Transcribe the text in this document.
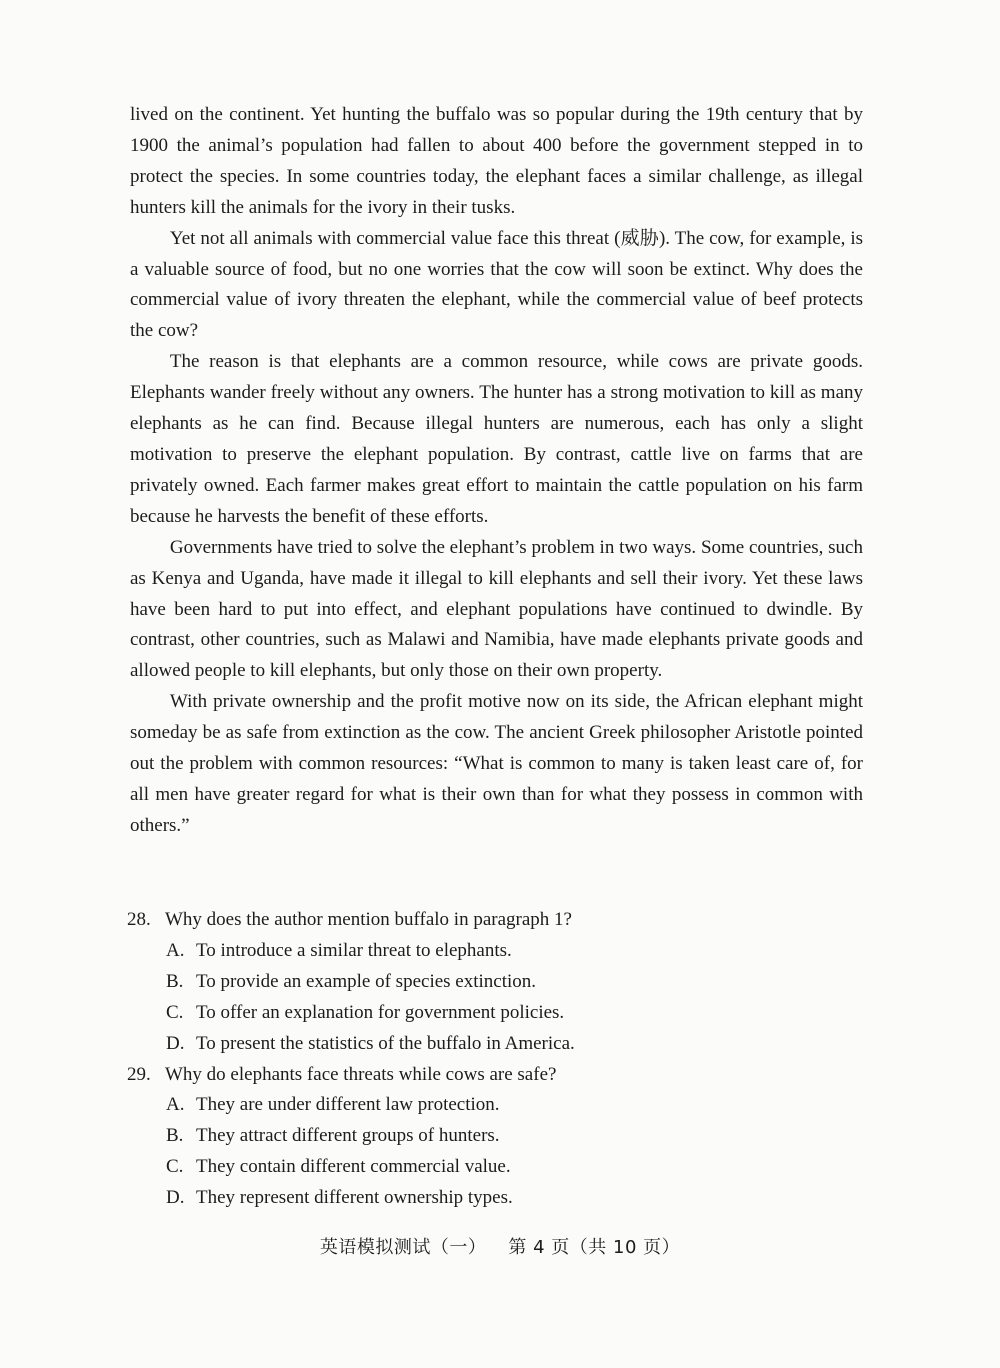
lived on the continent. Yet hunting the buffalo was so popular during the 19th century that by 1900 the animal’s population had fallen to about 400 before the government stepped in to protect the species. In some countries today, the elephant faces a similar challenge, as illegal hunters kill the animals for the ivory in their tusks.

Yet not all animals with commercial value face this threat (威胁). The cow, for example, is a valuable source of food, but no one worries that the cow will soon be extinct. Why does the commercial value of ivory threaten the elephant, while the commercial value of beef protects the cow?

The reason is that elephants are a common resource, while cows are private goods. Elephants wander freely without any owners. The hunter has a strong motivation to kill as many elephants as he can find. Because illegal hunters are numerous, each has only a slight motivation to preserve the elephant population. By contrast, cattle live on farms that are privately owned. Each farmer makes great effort to maintain the cattle population on his farm because he harvests the benefit of these efforts.

Governments have tried to solve the elephant’s problem in two ways. Some countries, such as Kenya and Uganda, have made it illegal to kill elephants and sell their ivory. Yet these laws have been hard to put into effect, and elephant populations have continued to dwindle. By contrast, other countries, such as Malawi and Namibia, have made elephants private goods and allowed people to kill elephants, but only those on their own property.

With private ownership and the profit motive now on its side, the African elephant might someday be as safe from extinction as the cow. The ancient Greek philosopher Aristotle pointed out the problem with common resources: “What is common to many is taken least care of, for all men have greater regard for what is their own than for what they possess in common with others.”

28. Why does the author mention buffalo in paragraph 1?
A. To introduce a similar threat to elephants.
B. To provide an example of species extinction.
C. To offer an explanation for government policies.
D. To present the statistics of the buffalo in America.
29. Why do elephants face threats while cows are safe?
A. They are under different law protection.
B. They attract different groups of hunters.
C. They contain different commercial value.
D. They represent different ownership types.
英语模拟测试（一） 第 4 页（共 10 页）
